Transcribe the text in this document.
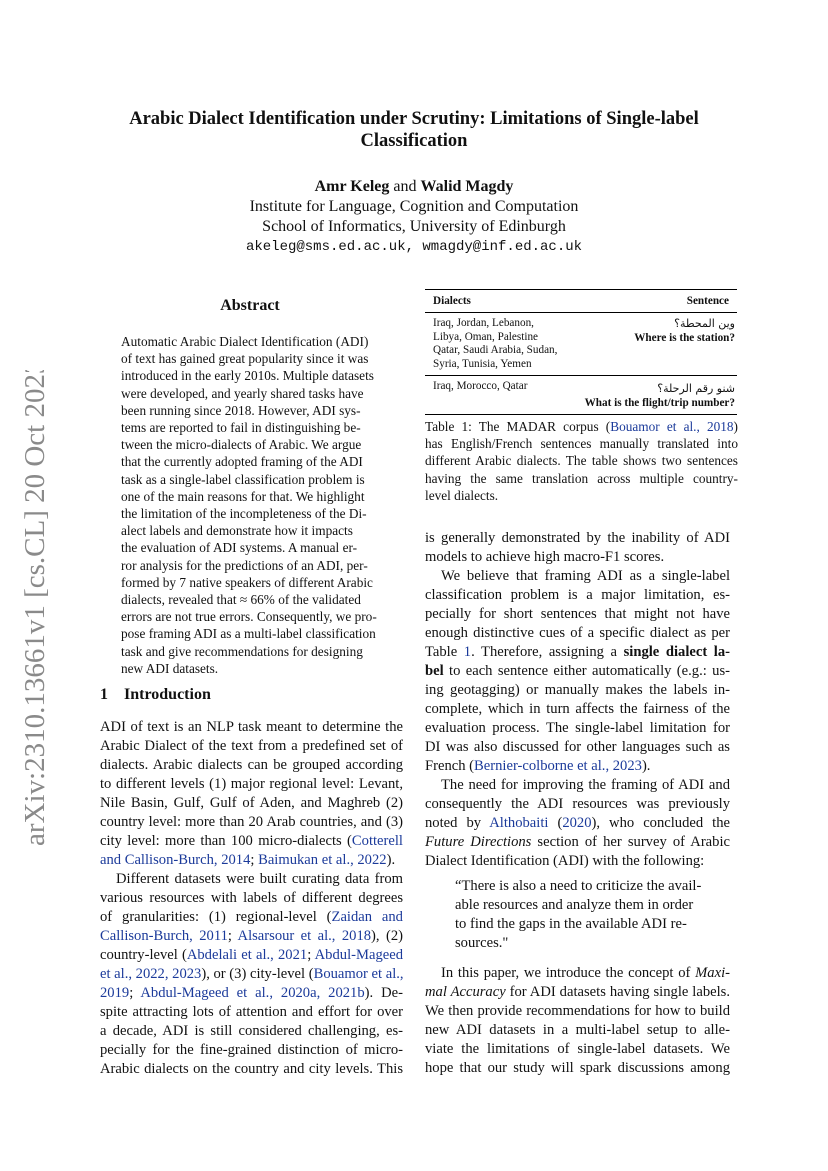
arXiv:2310.13661v1 [cs.CL] 20 Oct 2023
Arabic Dialect Identification under Scrutiny: Limitations of Single-label
Classification
Amr Keleg and Walid Magdy
Institute for Language, Cognition and Computation
School of Informatics, University of Edinburgh
akeleg@sms.ed.ac.uk, wmagdy@inf.ed.ac.uk
Abstract
Automatic Arabic Dialect Identification (ADI)
of text has gained great popularity since it was
introduced in the early 2010s. Multiple datasets
were developed, and yearly shared tasks have
been running since 2018. However, ADI sys-
tems are reported to fail in distinguishing be-
tween the micro-dialects of Arabic. We argue
that the currently adopted framing of the ADI
task as a single-label classification problem is
one of the main reasons for that. We highlight
the limitation of the incompleteness of the Di-
alect labels and demonstrate how it impacts
the evaluation of ADI systems. A manual er-
ror analysis for the predictions of an ADI, per-
formed by 7 native speakers of different Arabic
dialects, revealed that ≈ 66% of the validated
errors are not true errors. Consequently, we pro-
pose framing ADI as a multi-label classification
task and give recommendations for designing
new ADI datasets.
1 Introduction
ADI of text is an NLP task meant to determine the
Arabic Dialect of the text from a predefined set of
dialects. Arabic dialects can be grouped according
to different levels (1) major regional level: Levant,
Nile Basin, Gulf, Gulf of Aden, and Maghreb (2)
country level: more than 20 Arab countries, and (3)
city level: more than 100 micro-dialects (Cotterell
and Callison-Burch, 2014; Baimukan et al., 2022).
Different datasets were built curating data from
various resources with labels of different degrees
of granularities: (1) regional-level (Zaidan and
Callison-Burch, 2011; Alsarsour et al., 2018), (2)
country-level (Abdelali et al., 2021; Abdul-Mageed
et al., 2022, 2023), or (3) city-level (Bouamor et al.,
2019; Abdul-Mageed et al., 2020a, 2021b). De-
spite attracting lots of attention and effort for over
a decade, ADI is still considered challenging, es-
pecially for the fine-grained distinction of micro-
Arabic dialects on the country and city levels. This
Dialects	Sentence
Iraq, Jordan, Lebanon,
Libya, Oman, Palestine
Qatar, Saudi Arabia, Sudan,
Syria, Tunisia, Yemen
وين المحطة؟
Where is the station?
Iraq, Morocco, Qatar	شنو رقم الرحلة؟
What is the flight/trip number?
Table 1: The MADAR corpus (Bouamor et al., 2018)
has English/French sentences manually translated into
different Arabic dialects. The table shows two sentences
having the same translation across multiple country-
level dialects.
is generally demonstrated by the inability of ADI
models to achieve high macro-F1 scores.
We believe that framing ADI as a single-label
classification problem is a major limitation, es-
pecially for short sentences that might not have
enough distinctive cues of a specific dialect as per
Table 1. Therefore, assigning a single dialect la-
bel to each sentence either automatically (e.g.: us-
ing geotagging) or manually makes the labels in-
complete, which in turn affects the fairness of the
evaluation process. The single-label limitation for
DI was also discussed for other languages such as
French (Bernier-colborne et al., 2023).
The need for improving the framing of ADI and
consequently the ADI resources was previously
noted by Althobaiti (2020), who concluded the
Future Directions section of her survey of Arabic
Dialect Identification (ADI) with the following:
“There is also a need to criticize the avail-
able resources and analyze them in order
to find the gaps in the available ADI re-
sources."
In this paper, we introduce the concept of Maxi-
mal Accuracy for ADI datasets having single labels.
We then provide recommendations for how to build
new ADI datasets in a multi-label setup to alle-
viate the limitations of single-label datasets. We
hope that our study will spark discussions among
